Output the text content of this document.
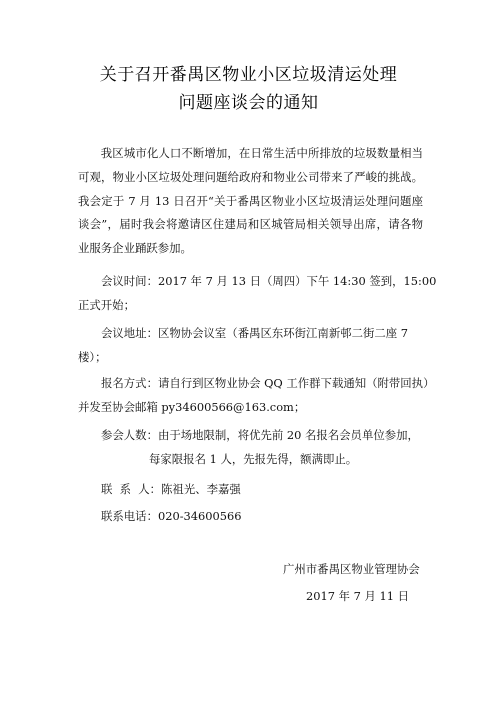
关于召开番禺区物业小区垃圾清运处理
问题座谈会的通知

我区城市化人口不断增加，在日常生活中所排放的垃圾数量相当可观，物业小区垃圾处理问题给政府和物业公司带来了严峻的挑战。我会定于 7 月 13 日召开“关于番禺区物业小区垃圾清运处理问题座谈会”，届时我会将邀请区住建局和区城管局相关领导出席，请各物业服务企业踊跃参加。

会议时间：2017 年 7 月 13 日（周四）下午 14:30 签到，15:00

正式开始；

会议地址：区物协会议室（番禺区东环街江南新邨二街二座 7

楼）；

报名方式：请自行到区物业协会 QQ 工作群下载通知（附带回执）

并发至协会邮箱 py34600566@163.com；

参会人数：由于场地限制，将优先前 20 名报名会员单位参加，

每家限报名 1 人，先报先得，额满即止。

联  系  人：陈祖光、李嘉强

联系电话：020-34600566

广州市番禺区物业管理协会
2017 年 7 月 11 日
